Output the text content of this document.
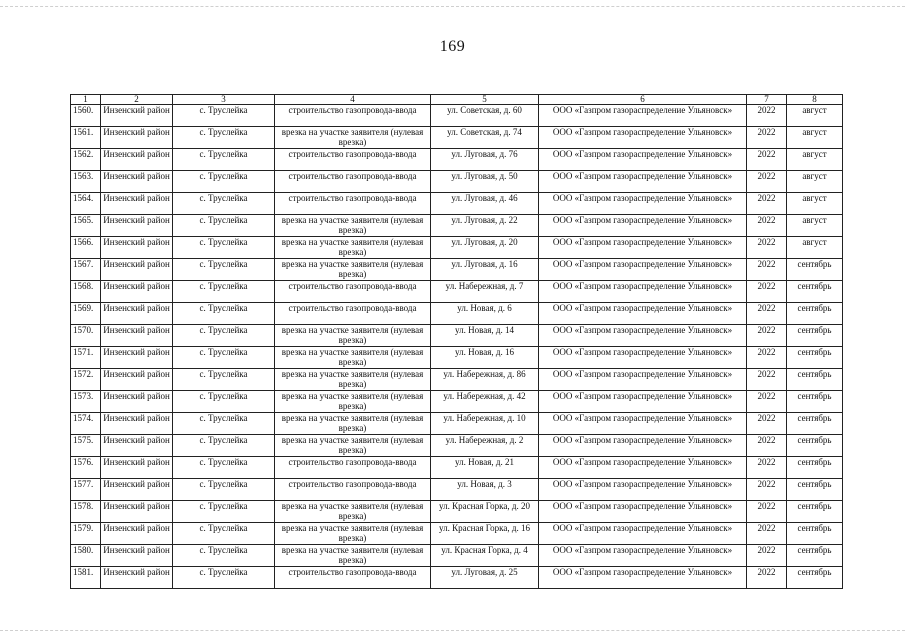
169
1	2	3	4	5	6	7	8
1560.	Инзенский район	с. Труслейка	строительство газопровода-ввода	ул. Советская, д. 60	ООО «Газпром газораспределение Ульяновск»	2022	август
1561.	Инзенский район	с. Труслейка	врезка на участке заявителя (нулевая врезка)	ул. Советская, д. 74	ООО «Газпром газораспределение Ульяновск»	2022	август
1562.	Инзенский район	с. Труслейка	строительство газопровода-ввода	ул. Луговая, д. 76	ООО «Газпром газораспределение Ульяновск»	2022	август
1563.	Инзенский район	с. Труслейка	строительство газопровода-ввода	ул. Луговая, д. 50	ООО «Газпром газораспределение Ульяновск»	2022	август
1564.	Инзенский район	с. Труслейка	строительство газопровода-ввода	ул. Луговая, д. 46	ООО «Газпром газораспределение Ульяновск»	2022	август
1565.	Инзенский район	с. Труслейка	врезка на участке заявителя (нулевая врезка)	ул. Луговая, д. 22	ООО «Газпром газораспределение Ульяновск»	2022	август
1566.	Инзенский район	с. Труслейка	врезка на участке заявителя (нулевая врезка)	ул. Луговая, д. 20	ООО «Газпром газораспределение Ульяновск»	2022	август
1567.	Инзенский район	с. Труслейка	врезка на участке заявителя (нулевая врезка)	ул. Луговая, д. 16	ООО «Газпром газораспределение Ульяновск»	2022	сентябрь
1568.	Инзенский район	с. Труслейка	строительство газопровода-ввода	ул. Набережная, д. 7	ООО «Газпром газораспределение Ульяновск»	2022	сентябрь
1569.	Инзенский район	с. Труслейка	строительство газопровода-ввода	ул. Новая, д. 6	ООО «Газпром газораспределение Ульяновск»	2022	сентябрь
1570.	Инзенский район	с. Труслейка	врезка на участке заявителя (нулевая врезка)	ул. Новая, д. 14	ООО «Газпром газораспределение Ульяновск»	2022	сентябрь
1571.	Инзенский район	с. Труслейка	врезка на участке заявителя (нулевая врезка)	ул. Новая, д. 16	ООО «Газпром газораспределение Ульяновск»	2022	сентябрь
1572.	Инзенский район	с. Труслейка	врезка на участке заявителя (нулевая врезка)	ул. Набережная, д. 86	ООО «Газпром газораспределение Ульяновск»	2022	сентябрь
1573.	Инзенский район	с. Труслейка	врезка на участке заявителя (нулевая врезка)	ул. Набережная, д. 42	ООО «Газпром газораспределение Ульяновск»	2022	сентябрь
1574.	Инзенский район	с. Труслейка	врезка на участке заявителя (нулевая врезка)	ул. Набережная, д. 10	ООО «Газпром газораспределение Ульяновск»	2022	сентябрь
1575.	Инзенский район	с. Труслейка	врезка на участке заявителя (нулевая врезка)	ул. Набережная, д. 2	ООО «Газпром газораспределение Ульяновск»	2022	сентябрь
1576.	Инзенский район	с. Труслейка	строительство газопровода-ввода	ул. Новая, д. 21	ООО «Газпром газораспределение Ульяновск»	2022	сентябрь
1577.	Инзенский район	с. Труслейка	строительство газопровода-ввода	ул. Новая, д. 3	ООО «Газпром газораспределение Ульяновск»	2022	сентябрь
1578.	Инзенский район	с. Труслейка	врезка на участке заявителя (нулевая врезка)	ул. Красная Горка, д. 20	ООО «Газпром газораспределение Ульяновск»	2022	сентябрь
1579.	Инзенский район	с. Труслейка	врезка на участке заявителя (нулевая врезка)	ул. Красная Горка, д. 16	ООО «Газпром газораспределение Ульяновск»	2022	сентябрь
1580.	Инзенский район	с. Труслейка	врезка на участке заявителя (нулевая врезка)	ул. Красная Горка, д. 4	ООО «Газпром газораспределение Ульяновск»	2022	сентябрь
1581.	Инзенский район	с. Труслейка	строительство газопровода-ввода	ул. Луговая, д. 25	ООО «Газпром газораспределение Ульяновск»	2022	сентябрь
